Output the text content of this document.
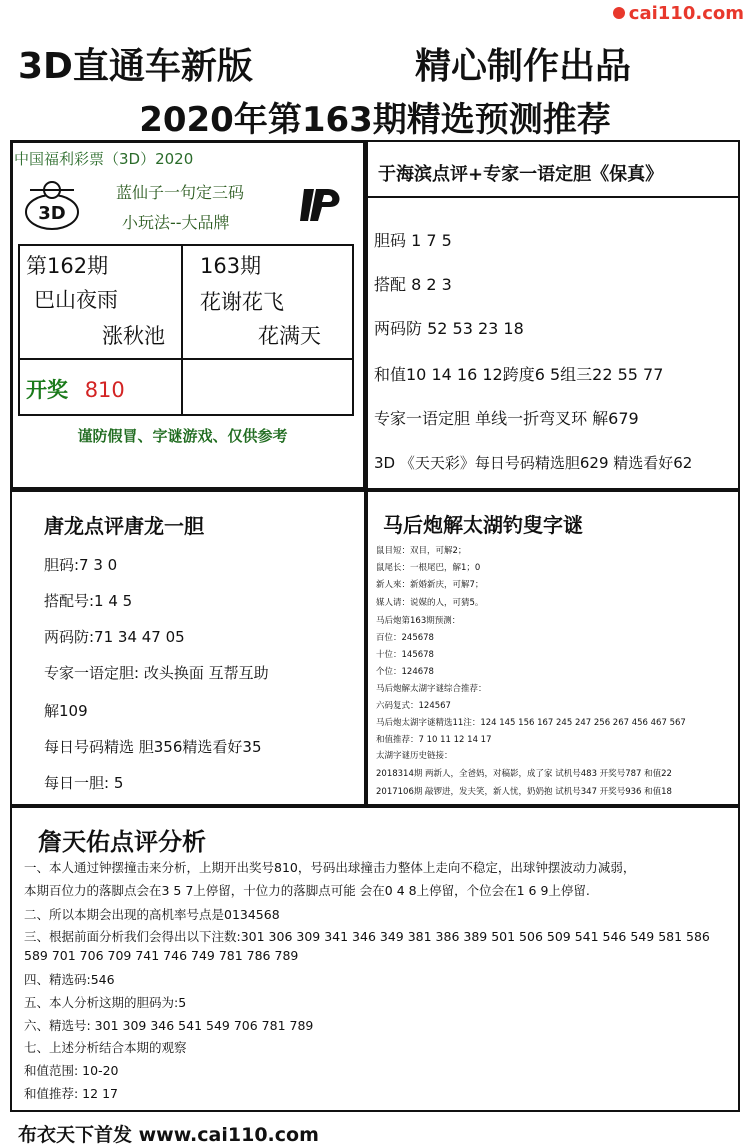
cai110.com
3D直通车新版	精心制作出品
2020年第163期精选预测推荐
中国福利彩票（3D）2020
3D
蓝仙子一句定三码
小玩法--大品牌
第162期
巴山夜雨
涨秋池
163期
花谢花飞
花满天
开奖 810
谨防假冒、字谜游戏、仅供参考
于海滨点评+专家一语定胆《保真》
胆码 1 7 5
搭配 8 2 3
两码防 52 53 23 18
和值10 14 16 12跨度6 5组三22 55 77
专家一语定胆 单线一折弯叉环 解679
3D 《天天彩》每日号码精选胆629 精选看好62
唐龙点评唐龙一胆
胆码:7 3 0
搭配号:1 4 5
两码防:71 34 47 05
专家一语定胆: 改头换面 互帮互助
解109
每日号码精选 胆356精选看好35
每日一胆: 5
马后炮解太湖钓叟字谜
鼠目短：双目，可解2；
鼠尾长：一根尾巴，解1；0
新人來：新婚新庆，可解7；
媒人请：说媒的人，可猜5。
马后炮第163期预测：
百位：245678
十位：145678
个位：124678
马后炮解太湖字谜综合推荐：
六码复式：124567
马后炮太湖字谜精选11注：124 145 156 167 245 247 256 267 456 467 567
和值推荐：7 10 11 12 14 17
太湖字谜历史链接：
2018314期 两新人，全爸妈，对稿影，成了家 试机号483 开奖号787 和值22
2017106期 敲锣进，发夫笑，新人忧，奶奶抱 试机号347 开奖号936 和值18
詹天佑点评分析
一、本人通过钟摆撞击来分析，上期开出奖号810，号码出球撞击力整体上走向不稳定，出球钟摆波动力减弱，
本期百位力的落脚点会在3 5 7上停留，十位力的落脚点可能 会在0 4 8上停留，个位会在1 6 9上停留.
二、所以本期会出现的高机率号点是0134568
三、根据前面分析我们会得出以下注数:301 306 309 341 346 349 381 386 389 501 506 509 541 546 549 581 586
589 701 706 709 741 746 749 781 786 789
四、精选码:546
五、本人分析这期的胆码为:5
六、精选号: 301 309 346 541 549 706 781 789
七、上述分析结合本期的观察
和值范围: 10-20
和值推荐: 12 17
布衣天下首发 www.cai110.com
